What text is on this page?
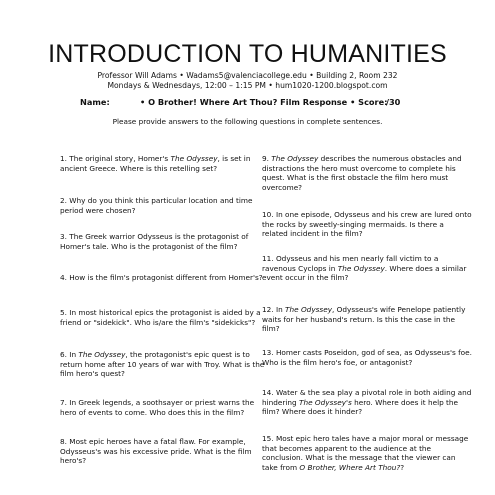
INTRODUCTION TO HUMANITIES
Professor Will Adams • Wadams5@valenciacollege.edu • Building 2, Room 232
Mondays & Wednesdays, 12:00 – 1:15 PM • hum1020-1200.blogspot.com
Name:	• O Brother! Where Art Thou? Film Response • Score:
/30
Please provide answers to the following questions in complete sentences.

1. The original story, Homer's The Odyssey, is set in ancient Greece. Where is this retelling set?

2. Why do you think this particular location and time period were chosen?

3. The Greek warrior Odysseus is the protagonist of Homer's tale. Who is the protagonist of the film?

4. How is the film's protagonist different from Homer's?

5. In most historical epics the protagonist is aided by a friend or "sidekick". Who is/are the film's "sidekicks"?

6. In The Odyssey, the protagonist's epic quest is to return home after 10 years of war with Troy. What is the film hero's quest?

7. In Greek legends, a soothsayer or priest warns the hero of events to come. Who does this in the film?

8. Most epic heroes have a fatal flaw. For example, Odysseus's was his excessive pride. What is the film hero's?

9. The Odyssey describes the numerous obstacles and distractions the hero must overcome to complete his quest. What is the first obstacle the film hero must overcome?

10. In one episode, Odysseus and his crew are lured onto the rocks by sweetly-singing mermaids. Is there a related incident in the film?

11. Odysseus and his men nearly fall victim to a ravenous Cyclops in The Odyssey. Where does a similar event occur in the film?

12. In The Odyssey, Odysseus's wife Penelope patiently waits for her husband's return. Is this the case in the film?

13. Homer casts Poseidon, god of sea, as Odysseus's foe. Who is the film hero's foe, or antagonist?

14. Water & the sea play a pivotal role in both aiding and hindering The Odyssey's hero. Where does it help the film? Where does it hinder?

15. Most epic hero tales have a major moral or message that becomes apparent to the audience at the conclusion. What is the message that the viewer can take from O Brother, Where Art Thou??
